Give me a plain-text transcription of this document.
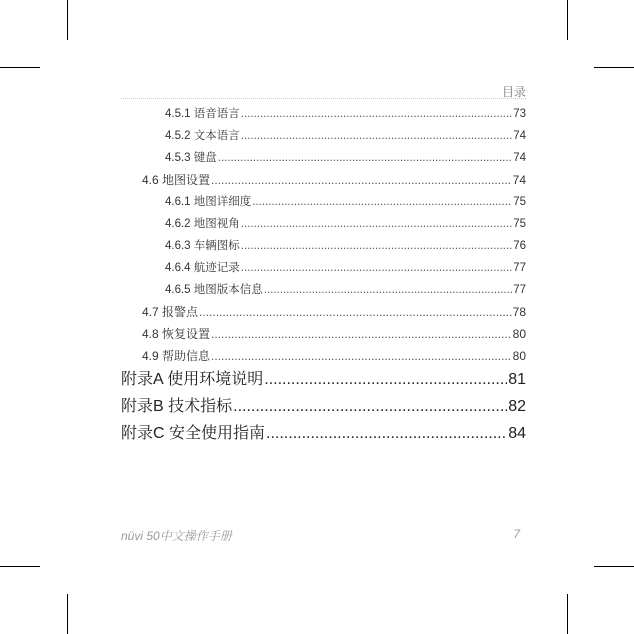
目录
4.5.1 语音语言 .....	73
4.5.2 文本语言 .....	74
4.5.3 键盘 .....	74
4.6 地图设置 .....	74
4.6.1 地图详细度 .....	75
4.6.2 地图视角 .....	75
4.6.3 车辆图标 .....	76
4.6.4 航迹记录 .....	77
4.6.5 地图版本信息 .....	77
4.7 报警点 .....	78
4.8 恢复设置 .....	80
4.9 帮助信息 .....	80
附录A 使用环境说明 .....	81
附录B 技术指标 .....	82
附录C 安全使用指南 .....	84
nüvi 50中文操作手册	7
